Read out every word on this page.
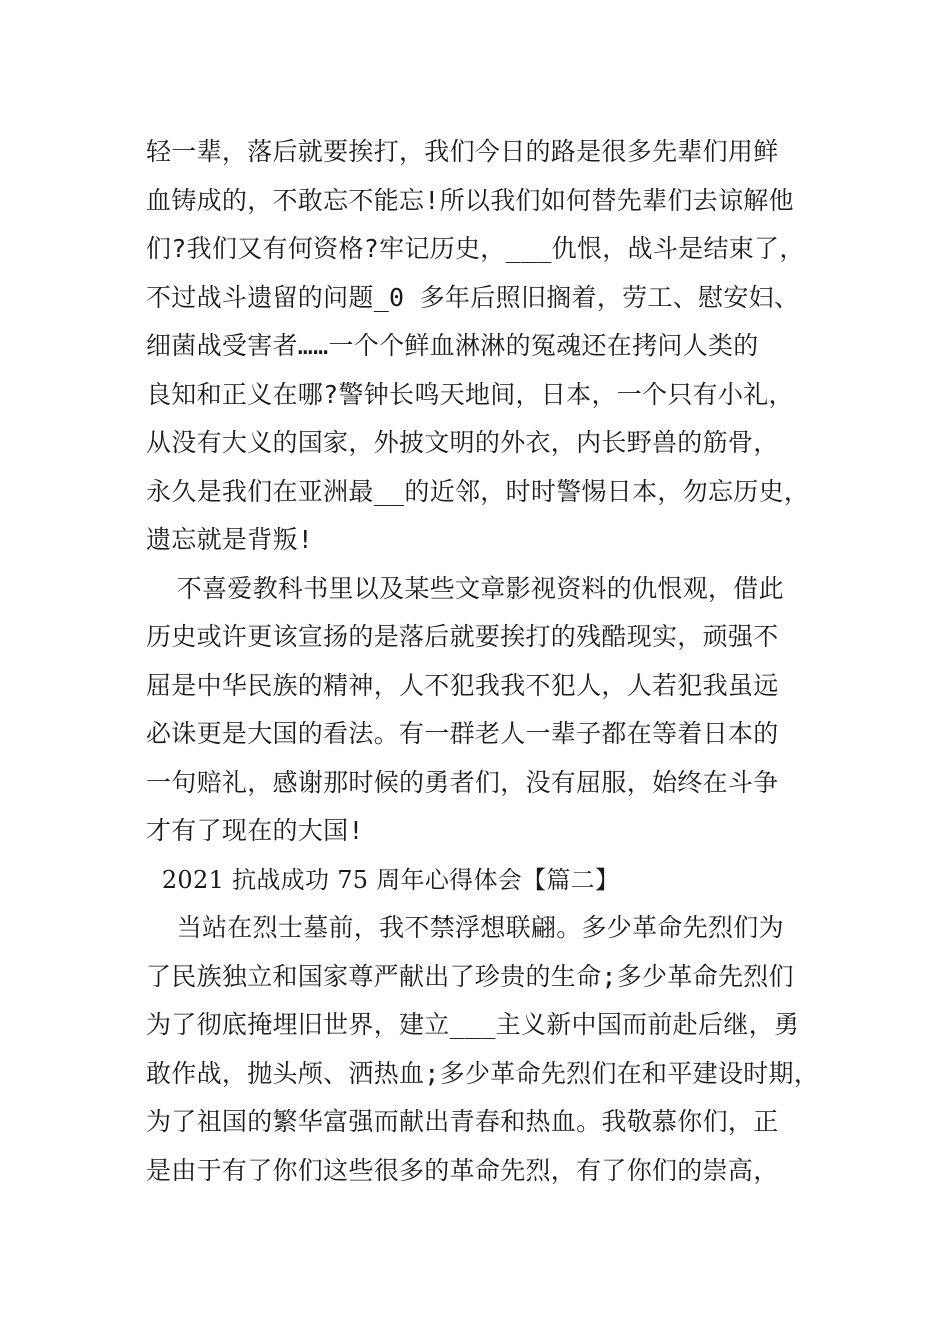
轻一辈，落后就要挨打，我们今日的路是很多先辈们用鲜
血铸成的，不敢忘不能忘!所以我们如何替先辈们去谅解他
们?我们又有何资格?牢记历史，___仇恨，战斗是结束了，
不过战斗遗留的问题_0 多年后照旧搁着，劳工、慰安妇、
细菌战受害者……一个个鲜血淋淋的冤魂还在拷问人类的
良知和正义在哪?警钟长鸣天地间，日本，一个只有小礼，
从没有大义的国家，外披文明的外衣，内长野兽的筋骨，
永久是我们在亚洲最__的近邻，时时警惕日本，勿忘历史，
遗忘就是背叛!
不喜爱教科书里以及某些文章影视资料的仇恨观，借此
历史或许更该宣扬的是落后就要挨打的残酷现实，顽强不
屈是中华民族的精神，人不犯我我不犯人，人若犯我虽远
必诛更是大国的看法。有一群老人一辈子都在等着日本的
一句赔礼，感谢那时候的勇者们，没有屈服，始终在斗争
才有了现在的大国!
2021 抗战成功 75 周年心得体会【篇二】
当站在烈士墓前，我不禁浮想联翩。多少革命先烈们为
了民族独立和国家尊严献出了珍贵的生命;多少革命先烈们
为了彻底掩埋旧世界，建立___主义新中国而前赴后继，勇
敢作战，抛头颅、洒热血;多少革命先烈们在和平建设时期，
为了祖国的繁华富强而献出青春和热血。我敬慕你们，正
是由于有了你们这些很多的革命先烈，有了你们的崇高，
